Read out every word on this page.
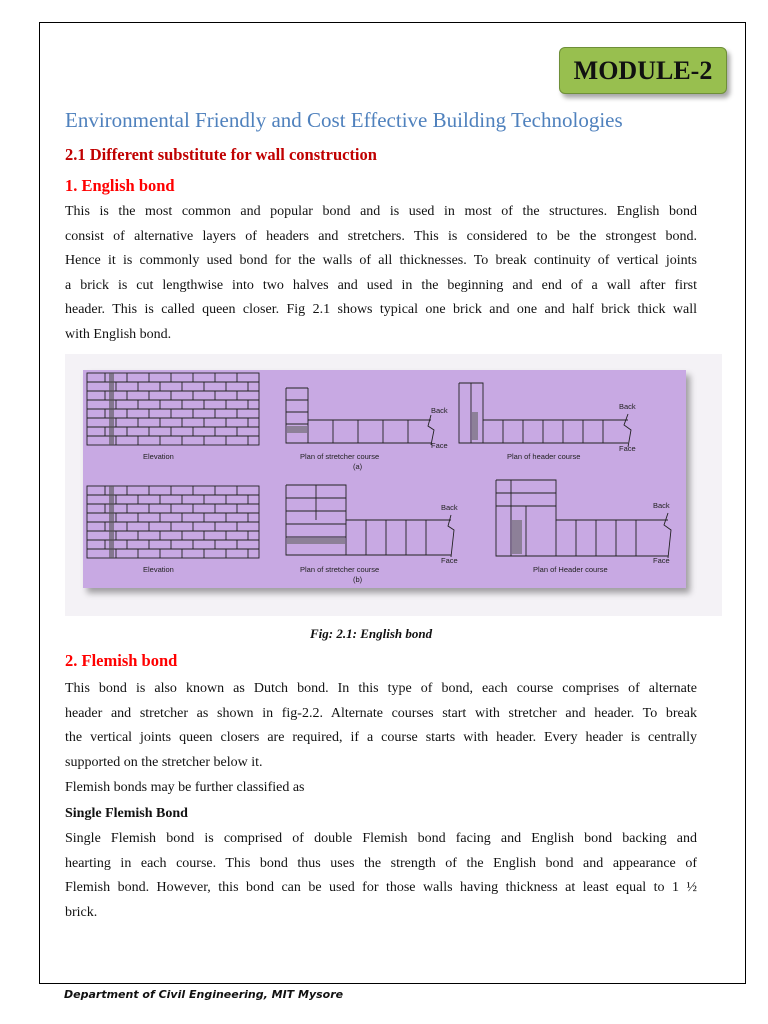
MODULE-2
Environmental Friendly and Cost Effective Building Technologies
2.1 Different substitute for wall construction
1. English bond
This is the most common and popular bond and is used in most of the structures. English bond
consist of alternative layers of headers and stretchers. This is considered to be the strongest bond.
Hence it is commonly used bond for the walls of all thicknesses. To break continuity of vertical joints
a brick is cut lengthwise into two halves and used in the beginning and end of a wall after first
header. This is called queen closer. Fig 2.1 shows typical one brick and one and half brick thick wall
with English bond.
Elevation	Plan of stretcher course
(a)
Plan of header course
Back
Face
Back
Face
Elevation	Plan of stretcher course
(b)
Plan of Header course
Back
Face
Back
Face
Fig: 2.1: English bond
2. Flemish bond
This bond is also known as Dutch bond. In this type of bond, each course comprises of alternate
header and stretcher as shown in fig-2.2. Alternate courses start with stretcher and header. To break
the vertical joints queen closers are required, if a course starts with header. Every header is centrally
supported on the stretcher below it.
Flemish bonds may be further classified as
Single Flemish Bond
Single Flemish bond is comprised of double Flemish bond facing and English bond backing and
hearting in each course. This bond thus uses the strength of the English bond and appearance of
Flemish bond. However, this bond can be used for those walls having thickness at least equal to 1 ½
brick.
Department of Civil Engineering, MIT Mysore
